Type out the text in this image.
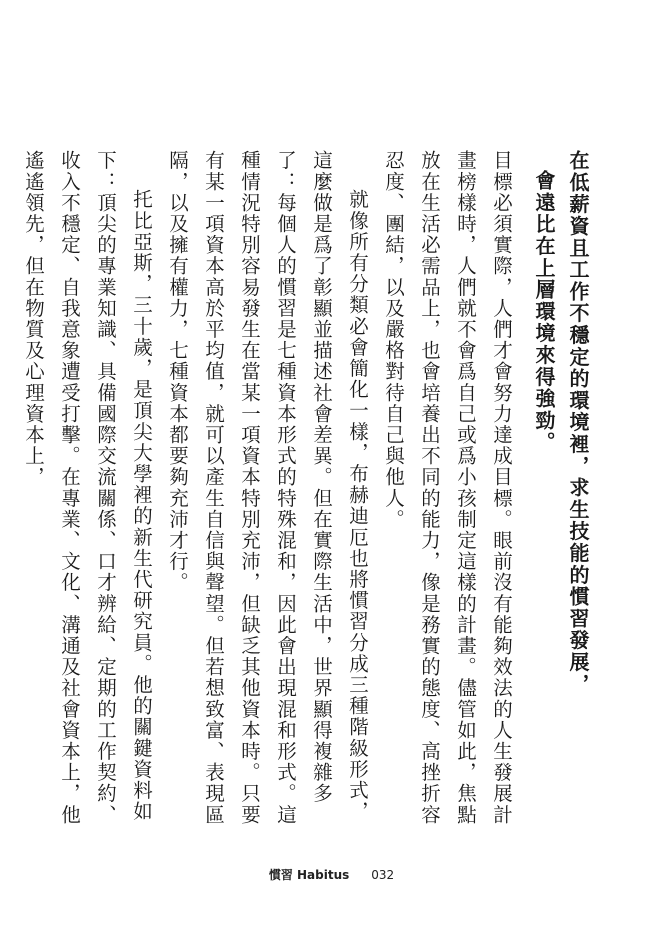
在低薪資且工作不穩定的環境裡，求生技能的慣習發展，
會遠比在上層環境來得強勁。

目標必須實際，人們才會努力達成目標。眼前沒有能夠效法的人生發展計畫榜樣時，人們就不會爲自己或爲小孩制定這樣的計畫。儘管如此，焦點放在生活必需品上，也會培養出不同的能力，像是務實的態度、高挫折容忍度、團結，以及嚴格對待自己與他人。

就像所有分類必會簡化一樣，布赫迪厄也將慣習分成三種階級形式，這麼做是爲了彰顯並描述社會差異。但在實際生活中，世界顯得複雜多了：每個人的慣習是七種資本形式的特殊混和，因此會出現混和形式。這種情況特別容易發生在當某一項資本特別充沛，但缺乏其他資本時。只要有某一項資本高於平均值，就可以產生自信與聲望。但若想致富、表現區隔，以及擁有權力，七種資本都要夠充沛才行。

托比亞斯，三十歲，是頂尖大學裡的新生代研究員。他的關鍵資料如下：頂尖的專業知識、具備國際交流關係、口才辨給、定期的工作契約、收入不穩定、自我意象遭受打擊。在專業、文化、溝通及社會資本上，他遙遙領先，但在物質及心理資本上，

慣習 Habitus 032
